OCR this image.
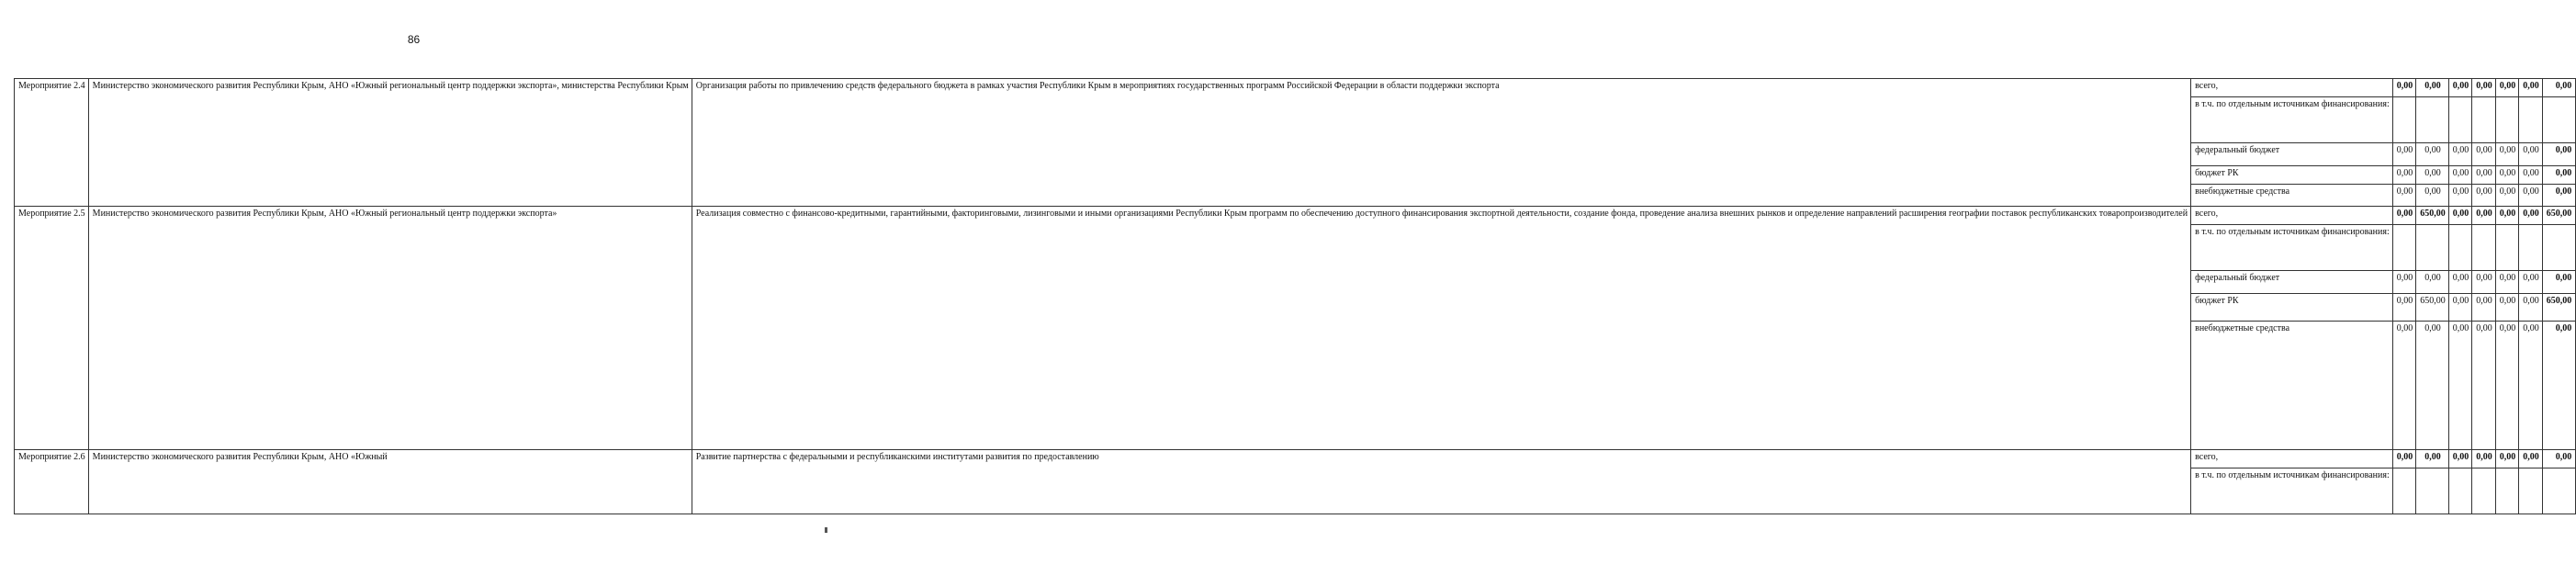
86
Мероприятие 2.4	Министерство экономического развития Республики Крым, АНО «Южный региональный центр поддержки экспорта», министерства Республики Крым	Организация работы по привлечению средств федерального бюджета в рамках участия Республики Крым в мероприятиях государственных программ Российской Федерации в области поддержки экспорта	всего,	0,00	0,00	0,00	0,00	0,00	0,00	0,00
			в т.ч. по отдельным источникам финансирования:							
			федеральный бюджет	0,00	0,00	0,00	0,00	0,00	0,00	0,00
			бюджет РК	0,00	0,00	0,00	0,00	0,00	0,00	0,00
			внебюджетные средства	0,00	0,00	0,00	0,00	0,00	0,00	0,00
Мероприятие 2.5	Министерство экономического развития Республики Крым, АНО «Южный региональный центр поддержки экспорта»	Реализация совместно с финансово-кредитными, гарантийными, факторинговыми, лизинговыми и иными организациями Республики Крым программ по обеспечению доступного финансирования экспортной деятельности, создание фонда, проведение анализа внешних рынков и определение направлений расширения географии поставок республиканских товаропроизводителей	всего,	0,00	650,00	0,00	0,00	0,00	0,00	650,00
			в т.ч. по отдельным источникам финансирования:							
			федеральный бюджет	0,00	0,00	0,00	0,00	0,00	0,00	0,00
			бюджет РК	0,00	650,00	0,00	0,00	0,00	0,00	650,00
			внебюджетные средства	0,00	0,00	0,00	0,00	0,00	0,00	0,00
Мероприятие 2.6	Министерство экономического развития Республики Крым, АНО «Южный	Развитие партнерства с федеральными и республиканскими институтами развития по предоставлению	всего,	0,00	0,00	0,00	0,00	0,00	0,00	0,00
			в т.ч. по отдельным источникам финансирования:							
